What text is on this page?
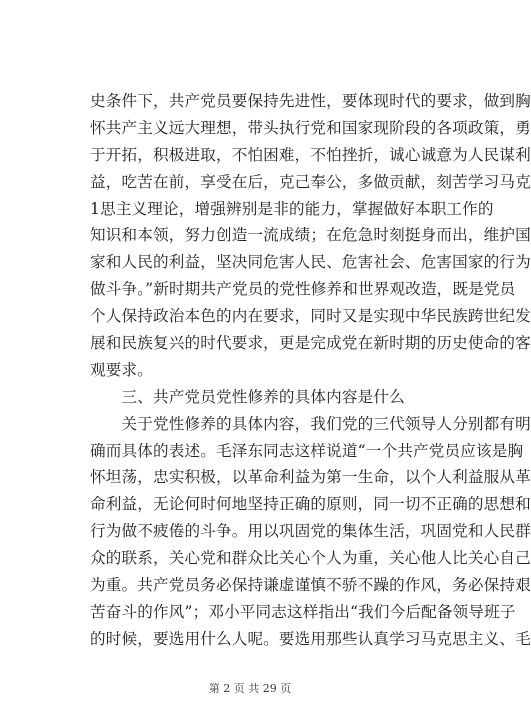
史条件下，共产党员要保持先进性，要体现时代的要求，做到胸
怀共产主义远大理想，带头执行党和国家现阶段的各项政策，勇
于开拓，积极进取，不怕困难，不怕挫折，诚心诚意为人民谋利
益，吃苦在前，享受在后，克己奉公，多做贡献，刻苦学习马克
1思主义理论，增强辨别是非的能力，掌握做好本职工作的
知识和本领，努力创造一流成绩；在危急时刻挺身而出，维护国
家和人民的利益，坚决同危害人民、危害社会、危害国家的行为
做斗争。”新时期共产党员的党性修养和世界观改造，既是党员
个人保持政治本色的内在要求，同时又是实现中华民族跨世纪发
展和民族复兴的时代要求，更是完成党在新时期的历史使命的客
观要求。
　　三、共产党员党性修养的具体内容是什么
　　关于党性修养的具体内容，我们党的三代领导人分别都有明
确而具体的表述。毛泽东同志这样说道“一个共产党员应该是胸
怀坦荡，忠实积极，以革命利益为第一生命，以个人利益服从革
命利益，无论何时何地坚持正确的原则，同一切不正确的思想和
行为做不疲倦的斗争。用以巩固党的集体生活，巩固党和人民群
众的联系，关心党和群众比关心个人为重，关心他人比关心自己
为重。共产党员务必保持谦虚谨慎不骄不躁的作风，务必保持艰
苦奋斗的作风”；邓小平同志这样指出“我们今后配备领导班子
的时候，要选用什么人呢。要选用那些认真学习马克思主义、毛
第 2 页 共 29 页
